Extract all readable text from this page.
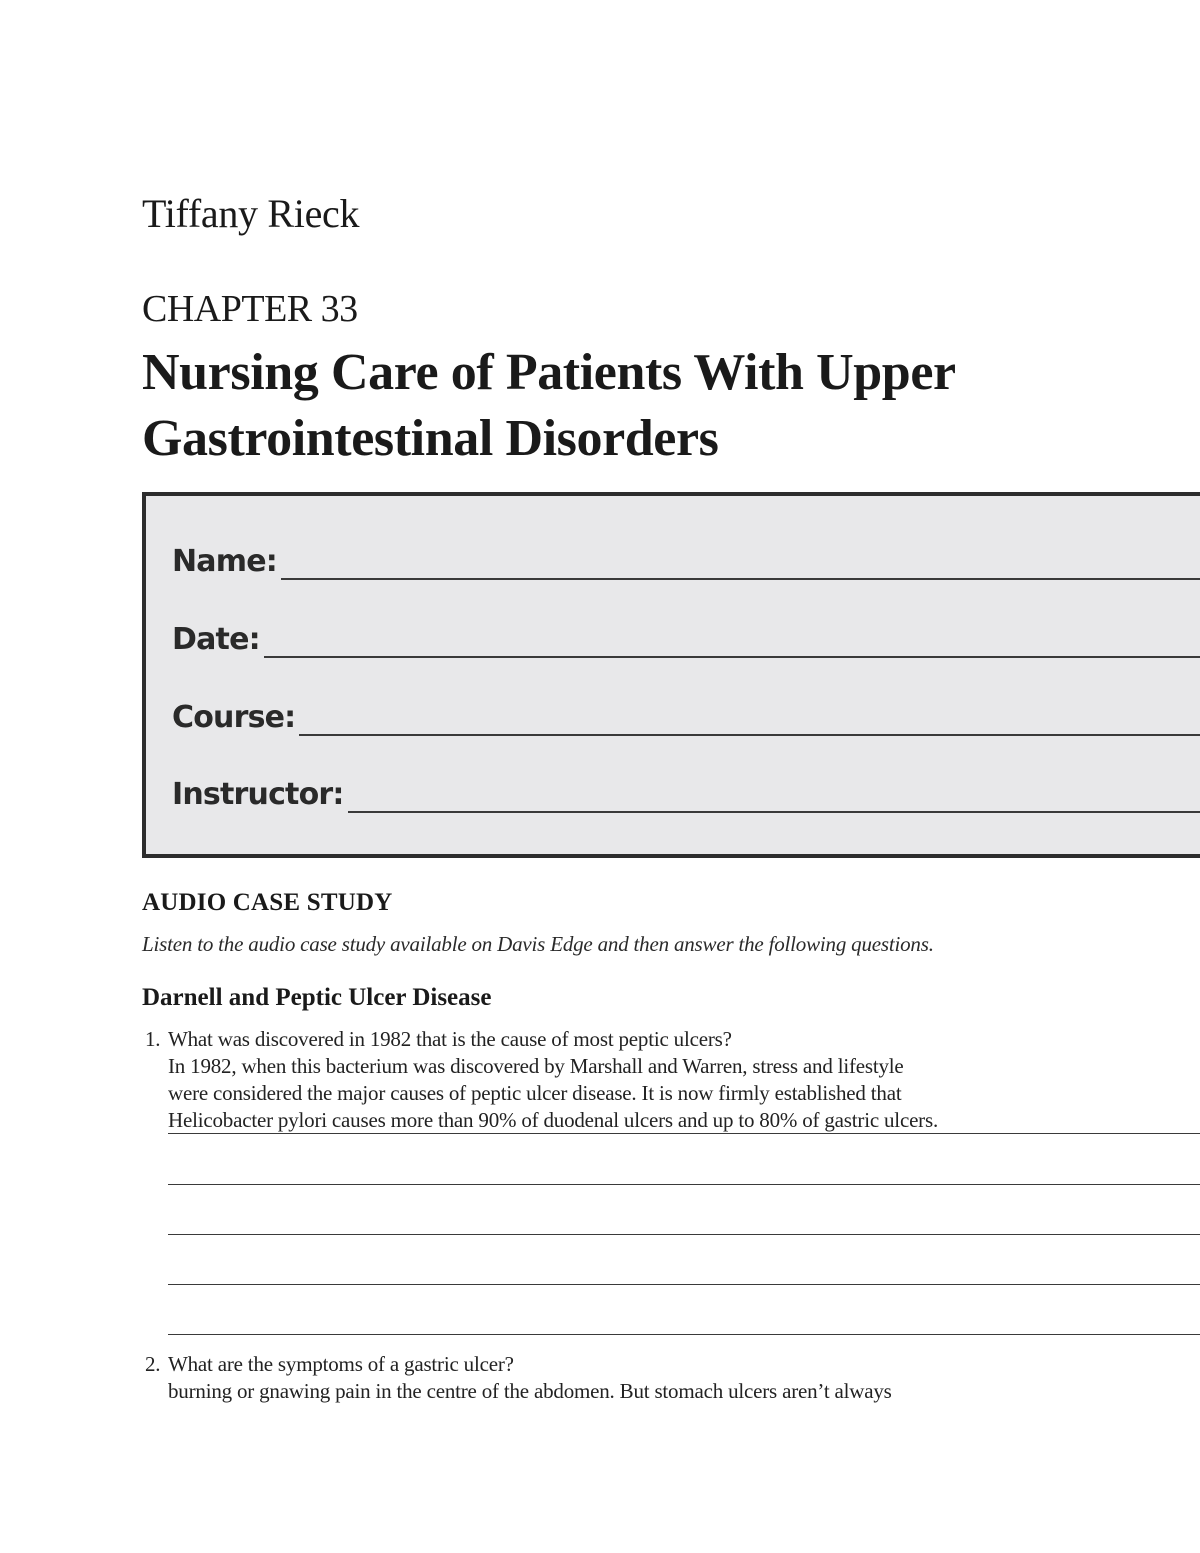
Tiffany Rieck
CHAPTER 33
Nursing Care of Patients With Upper
Gastrointestinal Disorders
Name:
Date:
Course:
Instructor:
AUDIO CASE STUDY
Listen to the audio case study available on Davis Edge and then answer the following questions.
Darnell and Peptic Ulcer Disease
1. What was discovered in 1982 that is the cause of most peptic ulcers?
In 1982, when this bacterium was discovered by Marshall and Warren, stress and lifestyle
were considered the major causes of peptic ulcer disease. It is now firmly established that
Helicobacter pylori causes more than 90% of duodenal ulcers and up to 80% of gastric ulcers.
2. What are the symptoms of a gastric ulcer?
burning or gnawing pain in the centre of the abdomen. But stomach ulcers aren’t always
